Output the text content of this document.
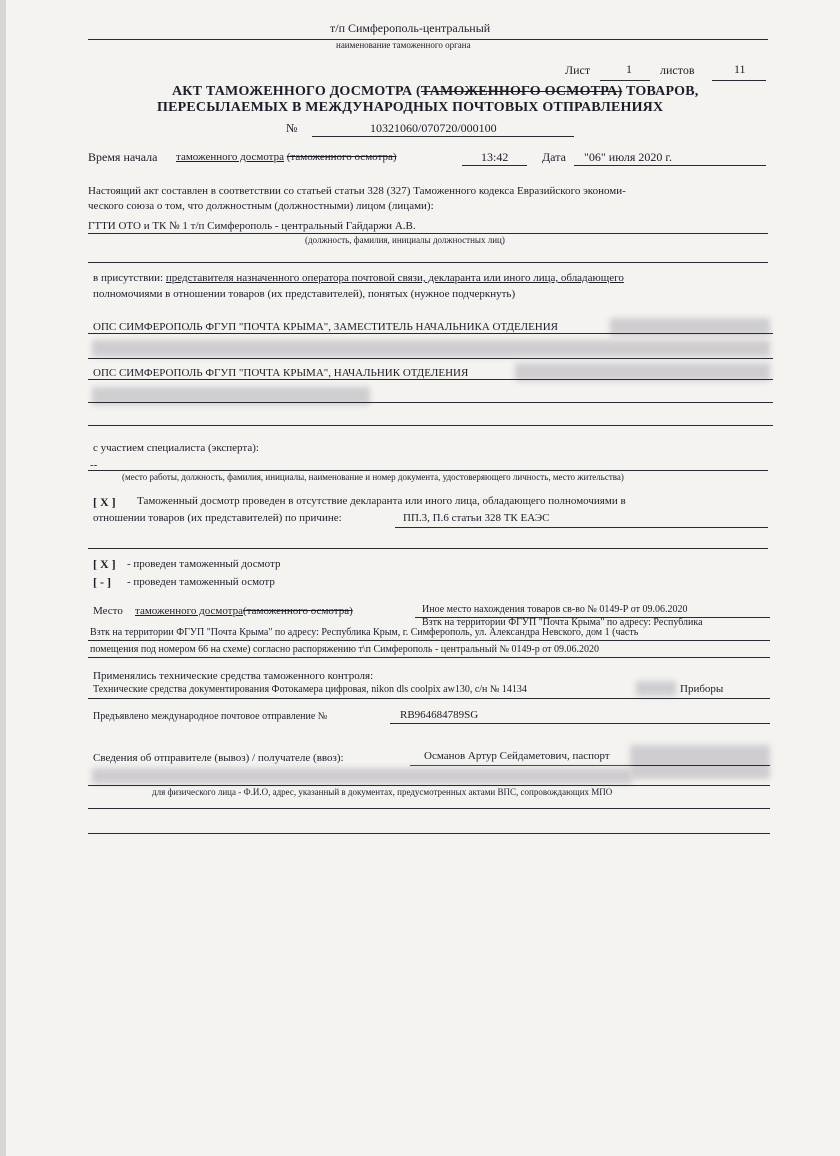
т/п Симферополь-центральный
наименование таможенного органа
Лист	1 листов	11
АКТ ТАМОЖЕННОГО ДОСМОТРА (ТАМОЖЕННОГО ОСМОТРА) ТОВАРОВ,
ПЕРЕСЫЛАЕМЫХ В МЕЖДУНАРОДНЫХ ПОЧТОВЫХ ОТПРАВЛЕНИЯХ
№	10321060/070720/000100
Время начала таможенного досмотра (таможенного осмотра)	13:42	Дата "06" июля 2020 г.
Настоящий акт составлен в соответствии со статьей статьи 328 (327) Таможенного кодекса Евразийского экономи-
ческого союза о том, что должностным (должностными) лицом (лицами):
ГТТИ ОТО и ТК № 1 т/п Симферополь - центральный Гайдаржи А.В.
(должность, фамилия, инициалы должностных лиц)
в присутствии: представителя назначенного оператора почтовой связи, декларанта или иного лица, обладающего
полномочиями в отношении товаров (их представителей), понятых (нужное подчеркнуть)
ОПС СИМФЕРОПОЛЬ ФГУП "ПОЧТА КРЫМА", ЗАМЕСТИТЕЛЬ НАЧАЛЬНИКА ОТДЕЛЕНИЯ
ОПС СИМФЕРОПОЛЬ ФГУП "ПОЧТА КРЫМА", НАЧАЛЬНИК ОТДЕЛЕНИЯ
с участием специалиста (эксперта):
--
(место работы, должность, фамилия, инициалы, наименование и номер документа, удостоверяющего личность, место жительства)
[ X ] Таможенный досмотр проведен в отсутствие декларанта или иного лица, обладающего полномочиями в
отношении товаров (их представителей) по причине:	ПП.3, П.6 статьи 328 ТК ЕАЭС
[ X ] - проведен таможенный досмотр
[ - ] - проведен таможенный осмотр
Место таможенного досмотра(таможенного осмотра)	Иное место нахождения товаров св-во № 0149-Р от 09.06.2020
Взтк на территории ФГУП "Почта Крыма" по адресу: Республика
Взтк на территории ФГУП "Почта Крыма" по адресу: Республика Крым, г. Симферополь, ул. Александра Невского, дом 1 (часть
помещения под номером 66 на схеме) согласно распоряжению т\п Симферополь - центральный № 0149-р от 09.06.2020
Применялись технические средства таможенного контроля:
Технические средства документирования Фотокамера цифровая, nikon dls coolpix aw130, с/н № 14134	Приборы
Предъявлено международное почтовое отправление №	RB964684789SG
Сведения об отправителе (вывоз) / получателе (ввоз):	Османов Артур Сейдаметович, паспорт
для физического лица - Ф.И.О, адрес, указанный в документах, предусмотренных актами ВПС, сопровождающих МПО
